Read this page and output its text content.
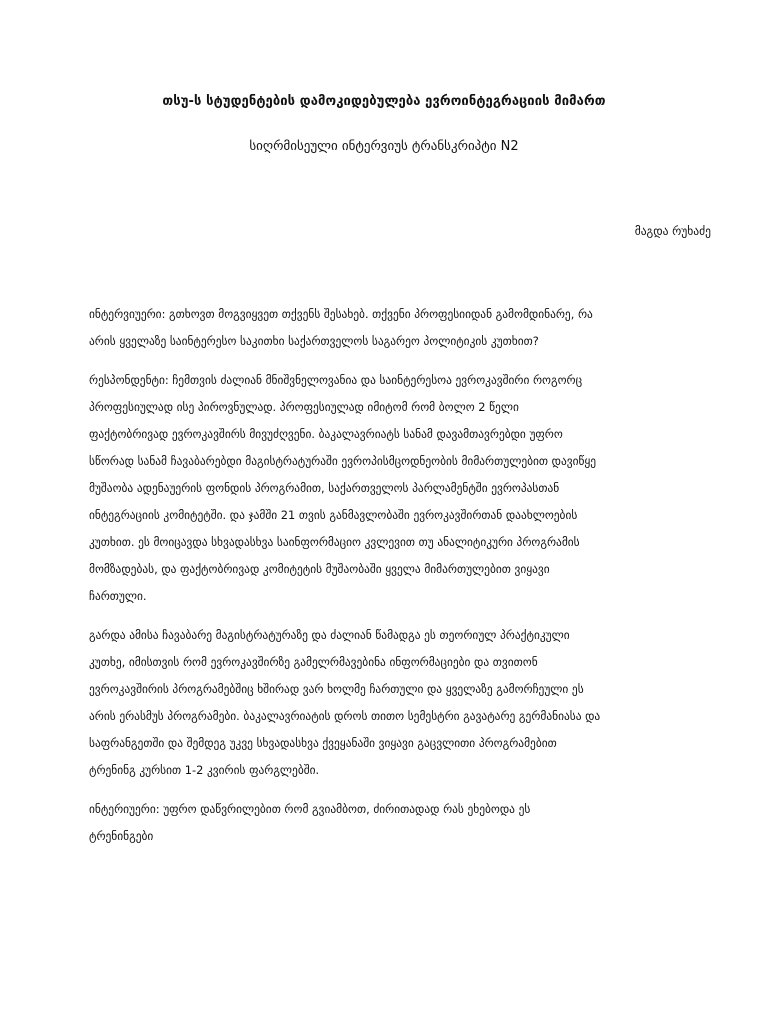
თსუ-ს სტუდენტების დამოკიდებულება ევროინტეგრაციის მიმართ
სიღრმისეული ინტერვიუს ტრანსკრიპტი N2
მაგდა რუხაძე
ინტერვიუერი: გთხოვთ მოგვიყვეთ თქვენს შესახებ. თქვენი პროფესიიდან გამომდინარე, რა
არის ყველაზე საინტერესო საკითხი საქართველოს საგარეო პოლიტიკის კუთხით?
რესპონდენტი: ჩემთვის ძალიან მნიშვნელოვანია და საინტერესოა ევროკავშირი როგორც
პროფესიულად ისე პიროვნულად. პროფესიულად იმიტომ რომ ბოლო 2 წელი
ფაქტობრივად ევროკავშირს მივუძღვენი. ბაკალავრიატს სანამ დავამთავრებდი უფრო
სწორად სანამ ჩავაბარებდი მაგისტრატურაში ევროპისმცოდნეობის მიმართულებით დავიწყე
მუშაობა ადენაუერის ფონდის პროგრამით, საქართველოს პარლამენტში ევროპასთან
ინტეგრაციის კომიტეტში. და ჯამში 21 თვის განმავლობაში ევროკავშირთან დაახლოების
კუთხით. ეს მოიცავდა სხვადასხვა საინფორმაციო კვლევით თუ ანალიტიკური პროგრამის
მომზადებას, და ფაქტობრივად კომიტეტის მუშაობაში ყველა მიმართულებით ვიყავი
ჩართული.
გარდა ამისა ჩავაბარე მაგისტრატურაზე და ძალიან წამადგა ეს თეორიულ პრაქტიკული
კუთხე, იმისთვის რომ ევროკავშირზე გამელრმავებინა ინფორმაციები და თვითონ
ევროკავშირის პროგრამებშიც ხშირად ვარ ხოლმე ჩართული და ყველაზე გამორჩეული ეს
არის ერასმუს პროგრამები. ბაკალავრიატის დროს თითო სემესტრი გავატარე გერმანიასა და
საფრანგეთში და შემდეგ უკვე სხვადასხვა ქვეყანაში ვიყავი გაცვლითი პროგრამებით
ტრენინგ კურსით 1-2 კვირის ფარგლებში.
ინტერიუერი: უფრო დაწვრილებით რომ გვიამბოთ, ძირითადად რას ეხებოდა ეს
ტრენინგები
